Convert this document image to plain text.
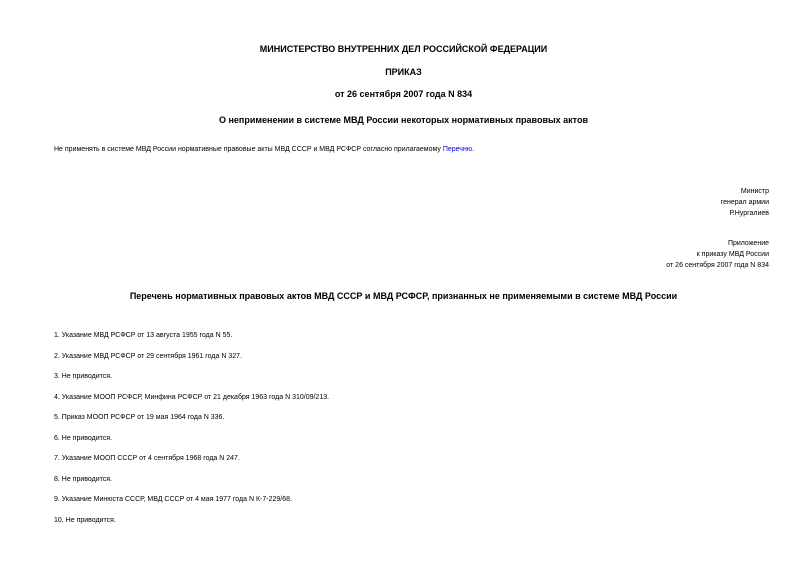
МИНИСТЕРСТВО ВНУТРЕННИХ ДЕЛ РОССИЙСКОЙ ФЕДЕРАЦИИ
ПРИКАЗ
от 26 сентября 2007 года N 834
О неприменении в системе МВД России некоторых нормативных правовых актов
Не применять в системе МВД России нормативные правовые акты МВД СССР и МВД РСФСР согласно прилагаемому Перечню.
Министр
генерал армии
Р.Нургалиев
Приложение
к приказу МВД России
от 26 сентября 2007 года N 834
Перечень нормативных правовых актов МВД СССР и МВД РСФСР, признанных не применяемыми в системе МВД России
1. Указание МВД РСФСР от 13 августа 1955 года N 55.
2. Указание МВД РСФСР от 29 сентября 1961 года N 327.
3. Не приводится.
4. Указание МООП РСФСР, Минфина РСФСР от 21 декабря 1963 года N 310/09/213.
5. Приказ МООП РСФСР от 19 мая 1964 года N 336.
6. Не приводится.
7. Указание МООП СССР от 4 сентября 1968 года N 247.
8. Не приводится.
9. Указание Минюста СССР, МВД СССР от 4 мая 1977 года N К-7-229/68.
10. Не приводится.
